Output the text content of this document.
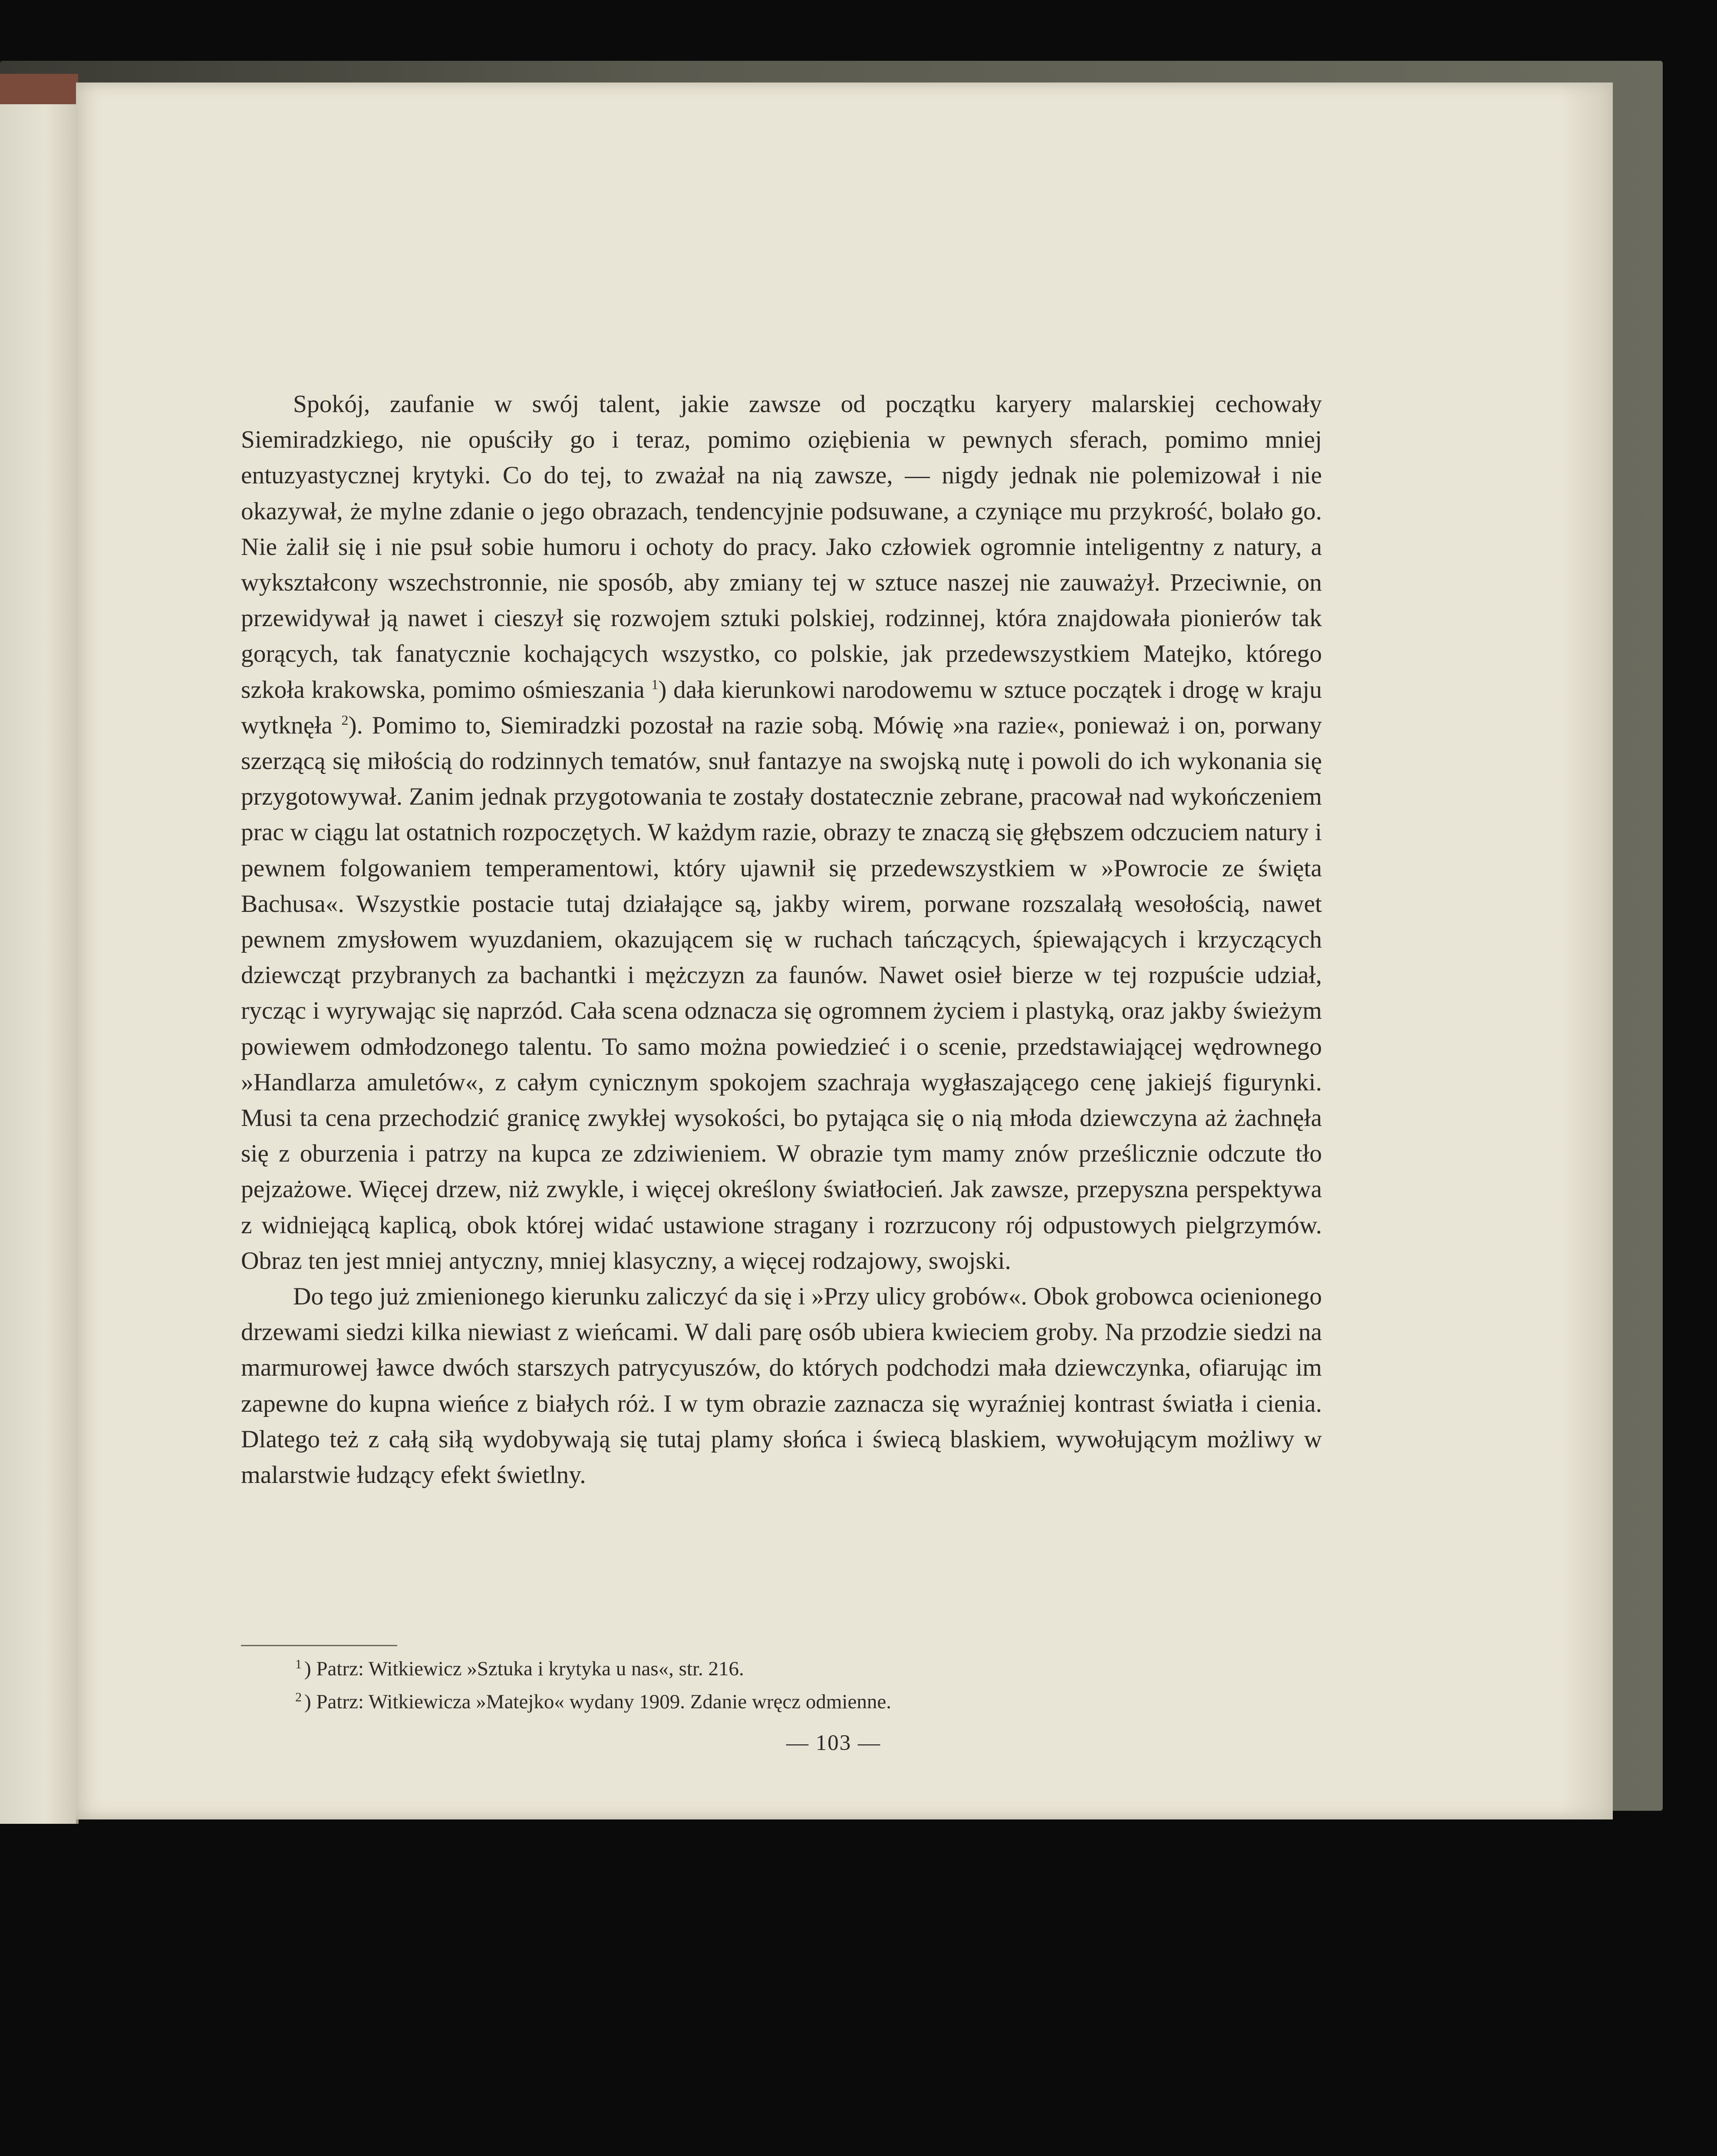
Spokój, zaufanie w swój talent, jakie zawsze od początku karyery malarskiej cechowały Siemiradzkiego, nie opuściły go i teraz, pomimo oziębienia w pewnych sferach, pomimo mniej entuzyastycznej krytyki. Co do tej, to zważał na nią zawsze, — nigdy jednak nie polemizował i nie okazywał, że mylne zdanie o jego obrazach, tendencyjnie podsuwane, a czyniące mu przykrość, bolało go. Nie żalił się i nie psuł sobie humoru i ochoty do pracy. Jako człowiek ogromnie inteligentny z natury, a wykształcony wszechstronnie, nie sposób, aby zmiany tej w sztuce naszej nie zauważył. Przeciwnie, on przewidywał ją nawet i cieszył się rozwojem sztuki polskiej, rodzinnej, która znajdowała pionierów tak gorących, tak fanatycznie kochających wszystko, co polskie, jak przedewszystkiem Matejko, którego szkoła krakowska, pomimo ośmieszania $^1$) dała kierunkowi narodowemu w sztuce początek i drogę w kraju wytknęła $^2$). Pomimo to, Siemiradzki pozostał na razie sobą. Mówię »na razie«, ponieważ i on, porwany szerzącą się miłością do rodzinnych tematów, snuł fantazye na swojską nutę i powoli do ich wykonania się przygotowywał. Zanim jednak przygotowania te zostały dostatecznie zebrane, pracował nad wykończeniem prac w ciągu lat ostatnich rozpoczętych. W każdym razie, obrazy te znaczą się głębszem odczuciem natury i pewnem folgowaniem temperamentowi, który ujawnił się przedewszystkiem w »Powrocie ze święta Bachusa«. Wszystkie postacie tutaj działające są, jakby wirem, porwane rozszalałą wesołością, nawet pewnem zmysłowem wyuzdaniem, okazującem się w ruchach tańczących, śpiewających i krzyczących dziewcząt przybranych za bachantki i mężczyzn za faunów. Nawet osieł bierze w tej rozpuście udział, rycząc i wyrywając się naprzód. Cała scena odznacza się ogromnem życiem i plastyką, oraz jakby świeżym powiewem odmłodzonego talentu. To samo można powiedzieć i o scenie, przedstawiającej wędrownego »Handlarza amuletów«, z całym cynicznym spokojem szachraja wygłaszającego cenę jakiejś figurynki. Musi ta cena przechodzić granicę zwykłej wysokości, bo pytająca się o nią młoda dziewczyna aż żachnęła się z oburzenia i patrzy na kupca ze zdziwieniem. W obrazie tym mamy znów prześlicznie odczute tło pejzażowe. Więcej drzew, niż zwykle, i więcej określony światłocień. Jak zawsze, przepyszna perspektywa z widniejącą kaplicą, obok której widać ustawione stragany i rozrzucony rój odpustowych pielgrzymów. Obraz ten jest mniej antyczny, mniej klasyczny, a więcej rodzajowy, swojski.

Do tego już zmienionego kierunku zaliczyć da się i »Przy ulicy grobów«. Obok grobowca ocienionego drzewami siedzi kilka niewiast z wieńcami. W dali parę osób ubiera kwieciem groby. Na przodzie siedzi na marmurowej ławce dwóch starszych patrycyuszów, do których podchodzi mała dziewczynka, ofiarując im zapewne do kupna wieńce z białych róż. I w tym obrazie zaznacza się wyraźniej kontrast światła i cienia. Dlatego też z całą siłą wydobywają się tutaj plamy słońca i świecą blaskiem, wywołującym możliwy w malarstwie łudzący efekt świetlny.

$^1$ ) Patrz: Witkiewicz »Sztuka i krytyka u nas«, str. 216.

$^2$ ) Patrz: Witkiewicza »Matejko« wydany 1909. Zdanie wręcz odmienne.

— 103 —
